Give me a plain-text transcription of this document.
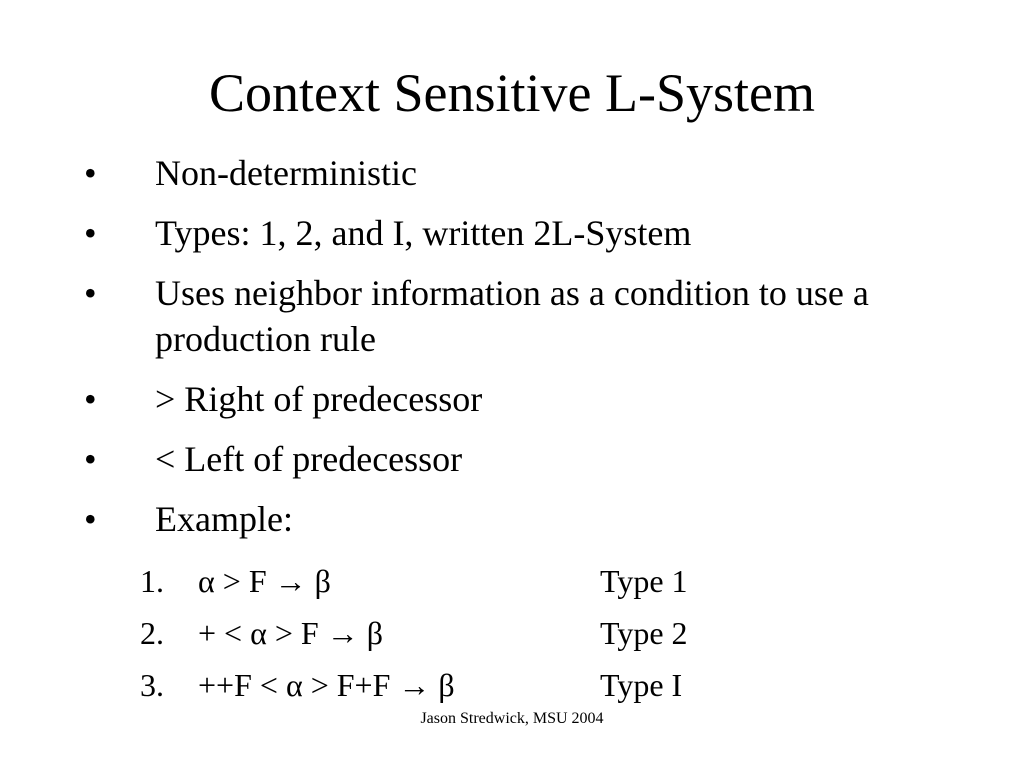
Context Sensitive L-System
• Non-deterministic
• Types: 1, 2, and I, written 2L-System
• Uses neighbor information as a condition to use a production rule
• > Right of predecessor
• < Left of predecessor
• Example:
1. α > F → β	Type 1
2. + < α > F → β	Type 2
3. ++F < α > F+F → β	Type I
Jason Stredwick, MSU 2004
